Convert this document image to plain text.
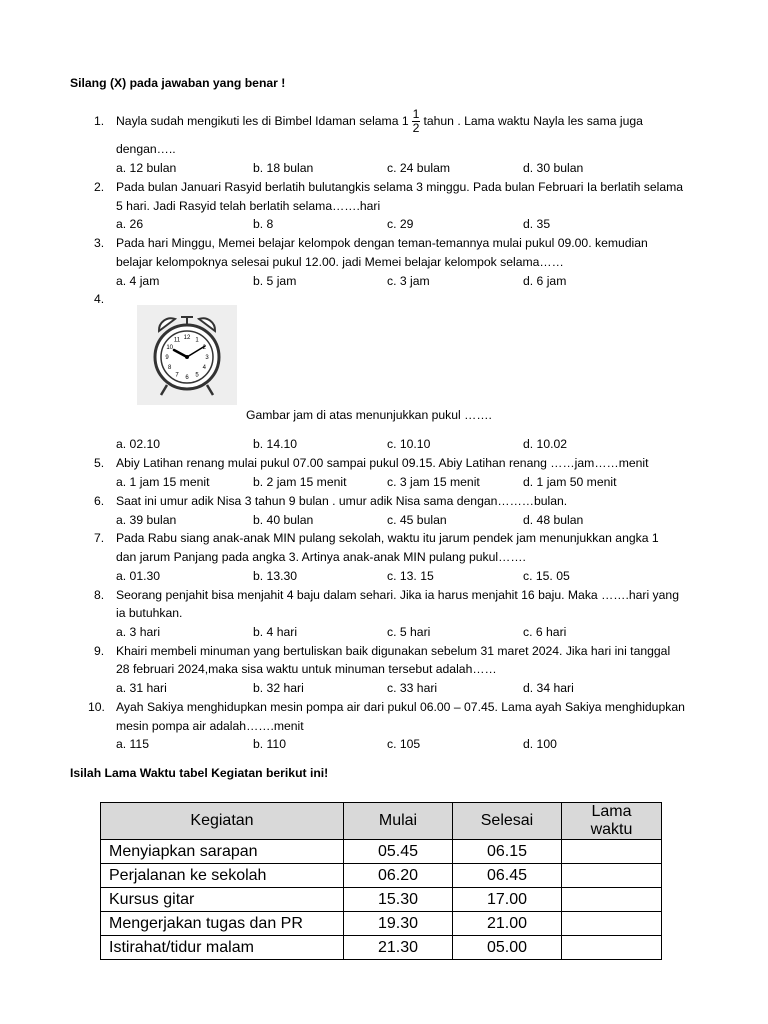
Silang (X) pada jawaban yang benar !
1. Nayla sudah mengikuti les di Bimbel Idaman selama $1 \frac{1}{2}$ tahun . Lama waktu Nayla les sama juga
dengan…..
a. 12 bulan	b. 18 bulan	c. 24 bulam	d. 30 bulan
2. Pada bulan Januari Rasyid berlatih bulutangkis selama 3 minggu. Pada bulan Februari Ia berlatih selama
5 hari. Jadi Rasyid telah berlatih selama…….hari
a. 26	b. 8	c. 29	d. 35
3. Pada hari Minggu, Memei belajar kelompok dengan teman-temannya mulai pukul 09.00. kemudian
belajar kelompoknya selesai pukul 12.00. jadi Memei belajar kelompok selama……
a. 4 jam	b. 5 jam	c. 3 jam	d. 6 jam
4.
12 1
2
3
4
5
6
7
8
9
10
11
Gambar jam di atas menunjukkan pukul …….
a. 02.10	b. 14.10	c. 10.10	d. 10.02
5. Abiy Latihan renang mulai pukul 07.00 sampai pukul 09.15. Abiy Latihan renang ……jam……menit
a. 1 jam 15 menit	b. 2 jam 15 menit	c. 3 jam 15 menit	d. 1 jam 50 menit
6. Saat ini umur adik Nisa 3 tahun 9 bulan . umur adik Nisa sama dengan………bulan.
a. 39 bulan	b. 40 bulan	c. 45 bulan	d. 48 bulan
7. Pada Rabu siang anak-anak MIN pulang sekolah, waktu itu jarum pendek jam menunjukkan angka 1
dan jarum Panjang pada angka 3. Artinya anak-anak MIN pulang pukul…….
a. 01.30	b. 13.30	c. 13. 15	c. 15. 05
8. Seorang penjahit bisa menjahit 4 baju dalam sehari. Jika ia harus menjahit 16 baju. Maka …….hari yang
ia butuhkan.
a. 3 hari	b. 4 hari	c. 5 hari	c. 6 hari
9. Khairi membeli minuman yang bertuliskan baik digunakan sebelum 31 maret 2024. Jika hari ini tanggal
28 februari 2024,maka sisa waktu untuk minuman tersebut adalah……
a. 31 hari	b. 32 hari	c. 33 hari	d. 34 hari
10. Ayah Sakiya menghidupkan mesin pompa air dari pukul 06.00 – 07.45. Lama ayah Sakiya menghidupkan
mesin pompa air adalah…….menit
a. 115	b. 110	c. 105	d. 100
Isilah Lama Waktu tabel Kegiatan berikut ini!
Kegiatan	Mulai	Selesai	Lama waktu
Menyiapkan sarapan	05.45	06.15	
Perjalanan ke sekolah	06.20	06.45	
Kursus gitar	15.30	17.00	
Mengerjakan tugas dan PR	19.30	21.00	
Istirahat/tidur malam	21.30	05.00	
